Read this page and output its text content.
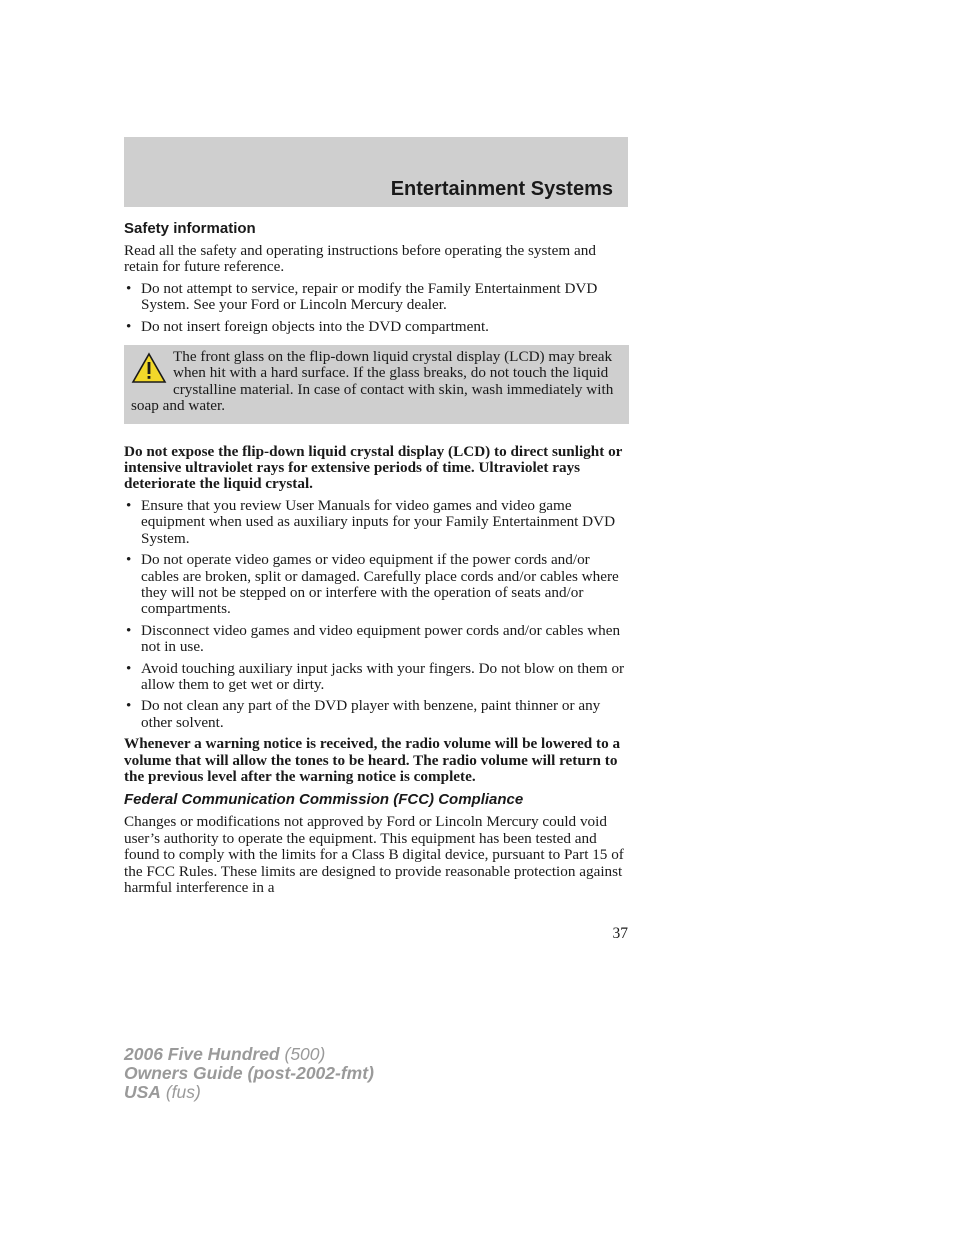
Entertainment Systems
Safety information

Read all the safety and operating instructions before operating the system and retain for future reference.

• Do not attempt to service, repair or modify the Family Entertainment DVD System. See your Ford or Lincoln Mercury dealer.
• Do not insert foreign objects into the DVD compartment.
The front glass on the flip-down liquid crystal display (LCD) may break when hit with a hard surface. If the glass breaks, do not touch the liquid crystalline material. In case of contact with skin, wash immediately with soap and water.

Do not expose the flip-down liquid crystal display (LCD) to direct sunlight or intensive ultraviolet rays for extensive periods of time. Ultraviolet rays deteriorate the liquid crystal.

• Ensure that you review User Manuals for video games and video game equipment when used as auxiliary inputs for your Family Entertainment DVD System.
• Do not operate video games or video equipment if the power cords and/or cables are broken, split or damaged. Carefully place cords and/or cables where they will not be stepped on or interfere with the operation of seats and/or compartments.
• Disconnect video games and video equipment power cords and/or cables when not in use.
• Avoid touching auxiliary input jacks with your fingers. Do not blow on them or allow them to get wet or dirty.
• Do not clean any part of the DVD player with benzene, paint thinner or any other solvent.

Whenever a warning notice is received, the radio volume will be lowered to a volume that will allow the tones to be heard. The radio volume will return to the previous level after the warning notice is complete.

Federal Communication Commission (FCC) Compliance

Changes or modifications not approved by Ford or Lincoln Mercury could void user’s authority to operate the equipment. This equipment has been tested and found to comply with the limits for a Class B digital device, pursuant to Part 15 of the FCC Rules. These limits are designed to provide reasonable protection against harmful interference in a

37
2006 Five Hundred (500)
Owners Guide (post-2002-fmt)
USA (fus)
